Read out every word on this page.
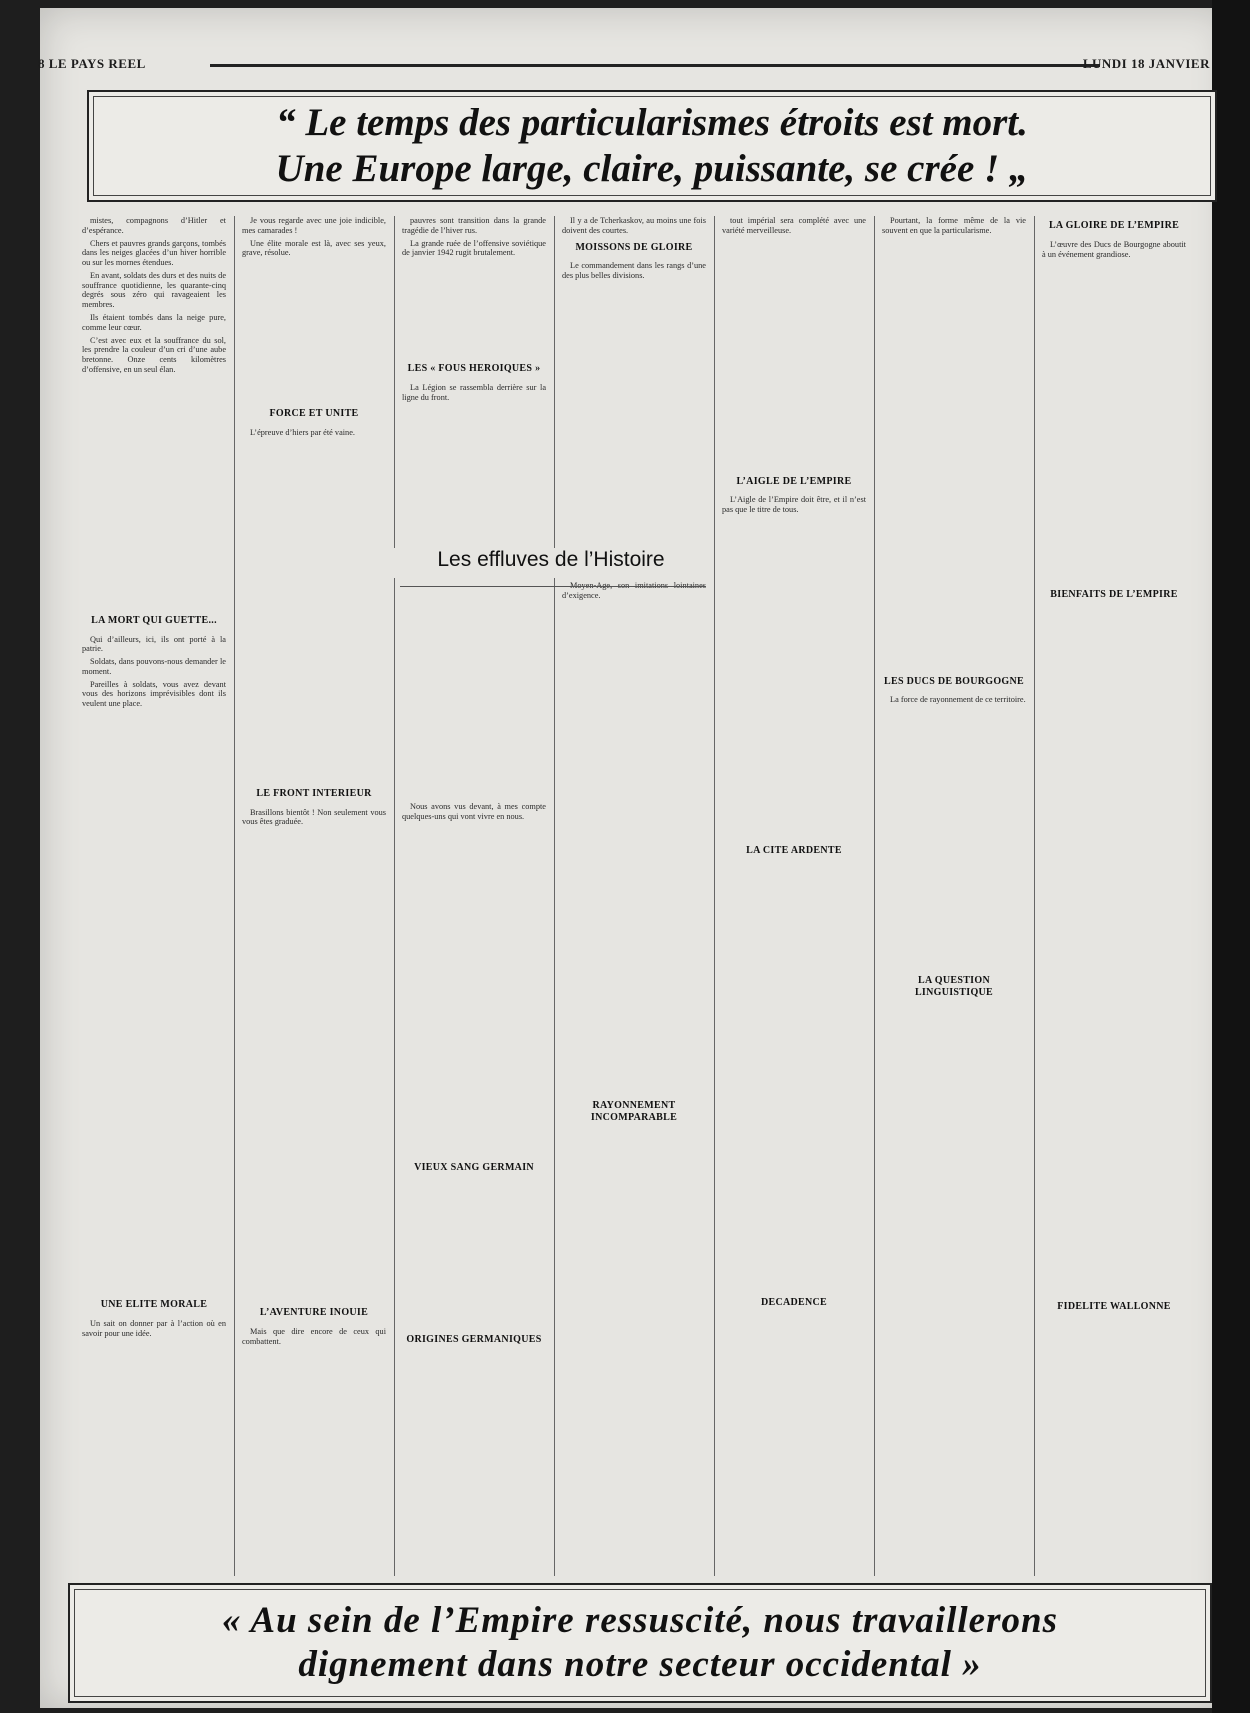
8 LE PAYS REEL	LUNDI 18 JANVIER
“ Le temps des particularismes étroits est mort.
Une Europe large, claire, puissante, se crée ! „

mistes, compagnons d’Hitler et d’espérance.

Chers et pauvres grands garçons, tombés dans les neiges glacées d’un hiver horrible ou sur les mornes étendues.

En avant, soldats des durs et des nuits de souffrance quotidienne, les quarante-cinq degrés sous zéro qui ravageaient les membres.

Ils étaient tombés dans la neige pure, comme leur cœur.

C’est avec eux et la souffrance du sol, les prendre la couleur d’un cri d’une aube bretonne. Onze cents kilomètres d’offensive, en un seul élan.

LA MORT QUI GUETTE...

Qui d’ailleurs, ici, ils ont porté à la patrie.

Soldats, dans pouvons-nous demander le moment.

Pareilles à soldats, vous avez devant vous des horizons imprévisibles dont ils veulent une place.

UNE ELITE MORALE

Un sait on donner par à l’action où en savoir pour une idée.

Je vous regarde avec une joie indicible, mes camarades !

Une élite morale est là, avec ses yeux, grave, résolue.

FORCE ET UNITE

L’épreuve d’hiers par été vaine.

LE FRONT INTERIEUR

Brasillons bientôt ! Non seulement vous vous êtes graduée.

L’AVENTURE INOUIE

Mais que dire encore de ceux qui combattent.

pauvres sont transition dans la grande tragédie de l’hiver rus.

La grande ruée de l’offensive soviétique de janvier 1942 rugit brutalement.

LES « FOUS HEROIQUES »

La Légion se rassembla derrière sur la ligne du front.

Nous avons vus devant, à mes compte quelques-uns qui vont vivre en nous.

VIEUX SANG GERMAIN
ORIGINES GERMANIQUES

Il y a de Tcherkaskov, au moins une fois doivent des courtes.

MOISSONS DE GLOIRE

Le commandement dans les rangs d’une des plus belles divisions.

d’exigence.

RAYONNEMENT INCOMPARABLE

tout impérial sera complété avec une variété merveilleuse.

L’AIGLE DE L’EMPIRE

L’Aigle de l’Empire doit être, et il n’est pas que le titre de tous.

LA CITE ARDENTE
DECADENCE

Pourtant, la forme même de la vie souvent en que la particularisme.

LES DUCS DE BOURGOGNE

La force de rayonnement de ce territoire.

LA QUESTION LINGUISTIQUE
LA GLOIRE DE L’EMPIRE

L’œuvre des Ducs de Bourgogne aboutit à un événement grandiose.

BIENFAITS DE L’EMPIRE
FIDELITE WALLONNE
Les effluves de l’Histoire
« Au sein de l’Empire ressuscité, nous travaillerons
dignement dans notre secteur occidental »
